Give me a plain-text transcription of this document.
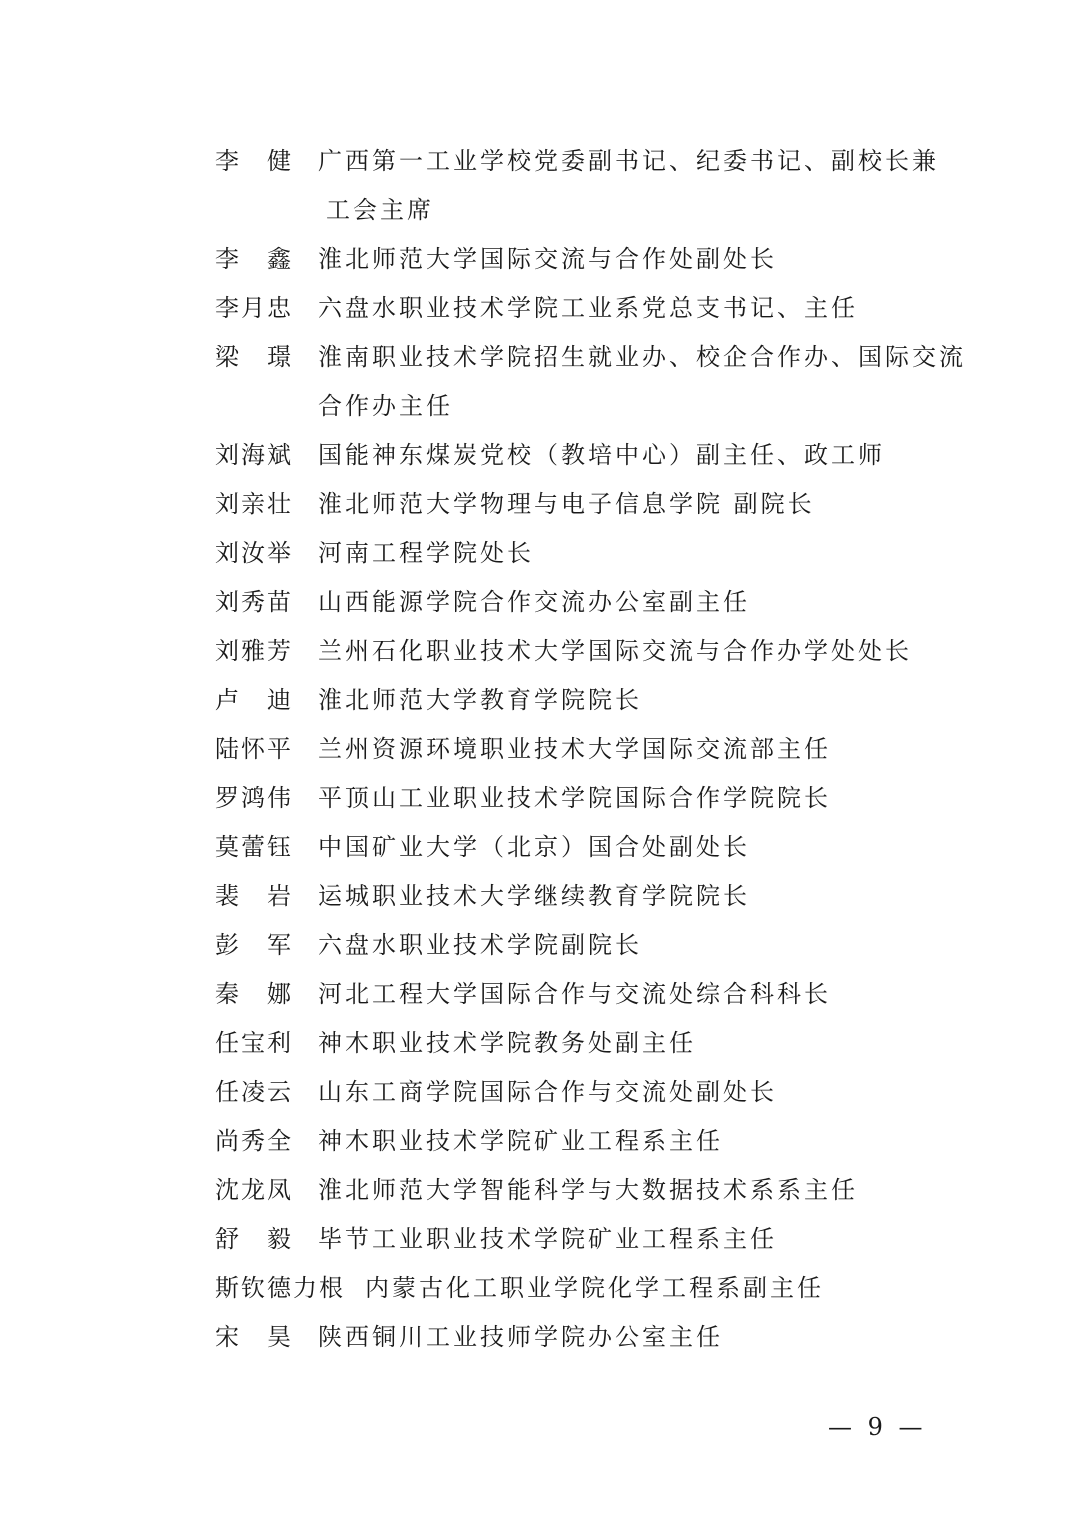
李 健 广西第一工业学校党委副书记、纪委书记、副校长兼
工会主席
李 鑫 淮北师范大学国际交流与合作处副处长
李月忠 六盘水职业技术学院工业系党总支书记、主任
梁 璟 淮南职业技术学院招生就业办、校企合作办、国际交流
合作办主任
刘海斌 国能神东煤炭党校（教培中心）副主任、政工师
刘亲壮 淮北师范大学物理与电子信息学院 副院长
刘汝举 河南工程学院处长
刘秀苗 山西能源学院合作交流办公室副主任
刘雅芳 兰州石化职业技术大学国际交流与合作办学处处长
卢 迪 淮北师范大学教育学院院长
陆怀平 兰州资源环境职业技术大学国际交流部主任
罗鸿伟 平顶山工业职业技术学院国际合作学院院长
莫蕾钰 中国矿业大学（北京）国合处副处长
裴 岩 运城职业技术大学继续教育学院院长
彭 军 六盘水职业技术学院副院长
秦 娜 河北工程大学国际合作与交流处综合科科长
任宝利 神木职业技术学院教务处副主任
任凌云 山东工商学院国际合作与交流处副处长
尚秀全 神木职业技术学院矿业工程系主任
沈龙凤 淮北师范大学智能科学与大数据技术系系主任
舒 毅 毕节工业职业技术学院矿业工程系主任
斯钦德力根 内蒙古化工职业学院化学工程系副主任
宋 昊 陕西铜川工业技师学院办公室主任
— 9 —
